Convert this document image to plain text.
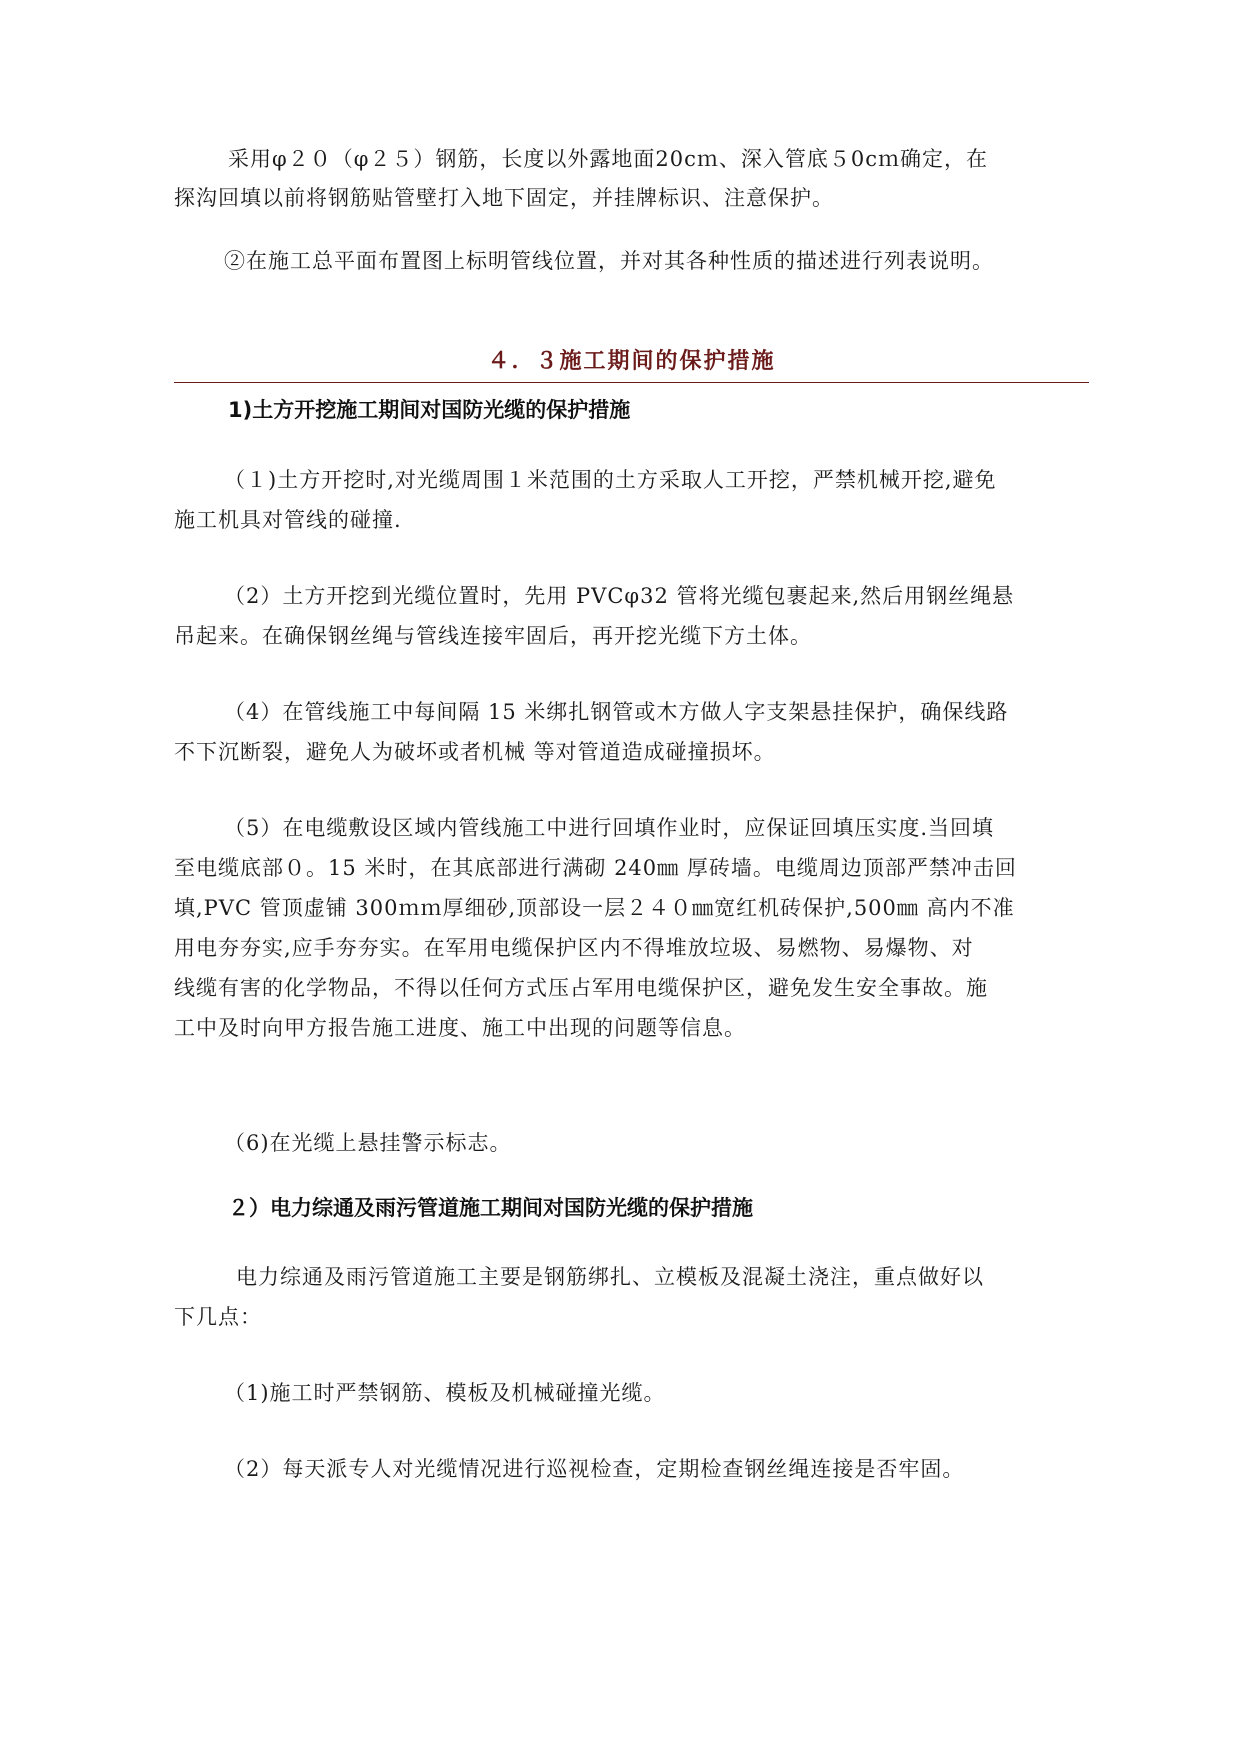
采用φ２０（φ２５）钢筋，长度以外露地面20cｍ、深入管底５0cｍ确定，在
探沟回填以前将钢筋贴管壁打入地下固定，并挂牌标识、注意保护。
②在施工总平面布置图上标明管线位置，并对其各种性质的描述进行列表说明。
４．３施工期间的保护措施
1)土方开挖施工期间对国防光缆的保护措施
（１)土方开挖时,对光缆周围１米范围的土方采取人工开挖，严禁机械开挖,避免
施工机具对管线的碰撞.
（2）土方开挖到光缆位置时，先用 PVCφ32 管将光缆包裹起来,然后用钢丝绳悬
吊起来。在确保钢丝绳与管线连接牢固后，再开挖光缆下方土体。
（4）在管线施工中每间隔 15 米绑扎钢管或木方做人字支架悬挂保护，确保线路
不下沉断裂，避免人为破坏或者机械 等对管道造成碰撞损坏。
（5）在电缆敷设区域内管线施工中进行回填作业时，应保证回填压实度.当回填
至电缆底部０。15 米时，在其底部进行满砌 240㎜ 厚砖墙。电缆周边顶部严禁冲击回
填,PVC 管顶虚铺 300ｍｍ厚细砂,顶部设一层２４０㎜宽红机砖保护,500㎜ 高内不准
用电夯夯实,应手夯夯实。在军用电缆保护区内不得堆放垃圾、易燃物、易爆物、对
线缆有害的化学物品，不得以任何方式压占军用电缆保护区，避免发生安全事故。施
工中及时向甲方报告施工进度、施工中出现的问题等信息。
（6)在光缆上悬挂警示标志。
２）电力综通及雨污管道施工期间对国防光缆的保护措施
电力综通及雨污管道施工主要是钢筋绑扎、立模板及混凝土浇注，重点做好以
下几点：
（1)施工时严禁钢筋、模板及机械碰撞光缆。
（2）每天派专人对光缆情况进行巡视检查，定期检查钢丝绳连接是否牢固。
